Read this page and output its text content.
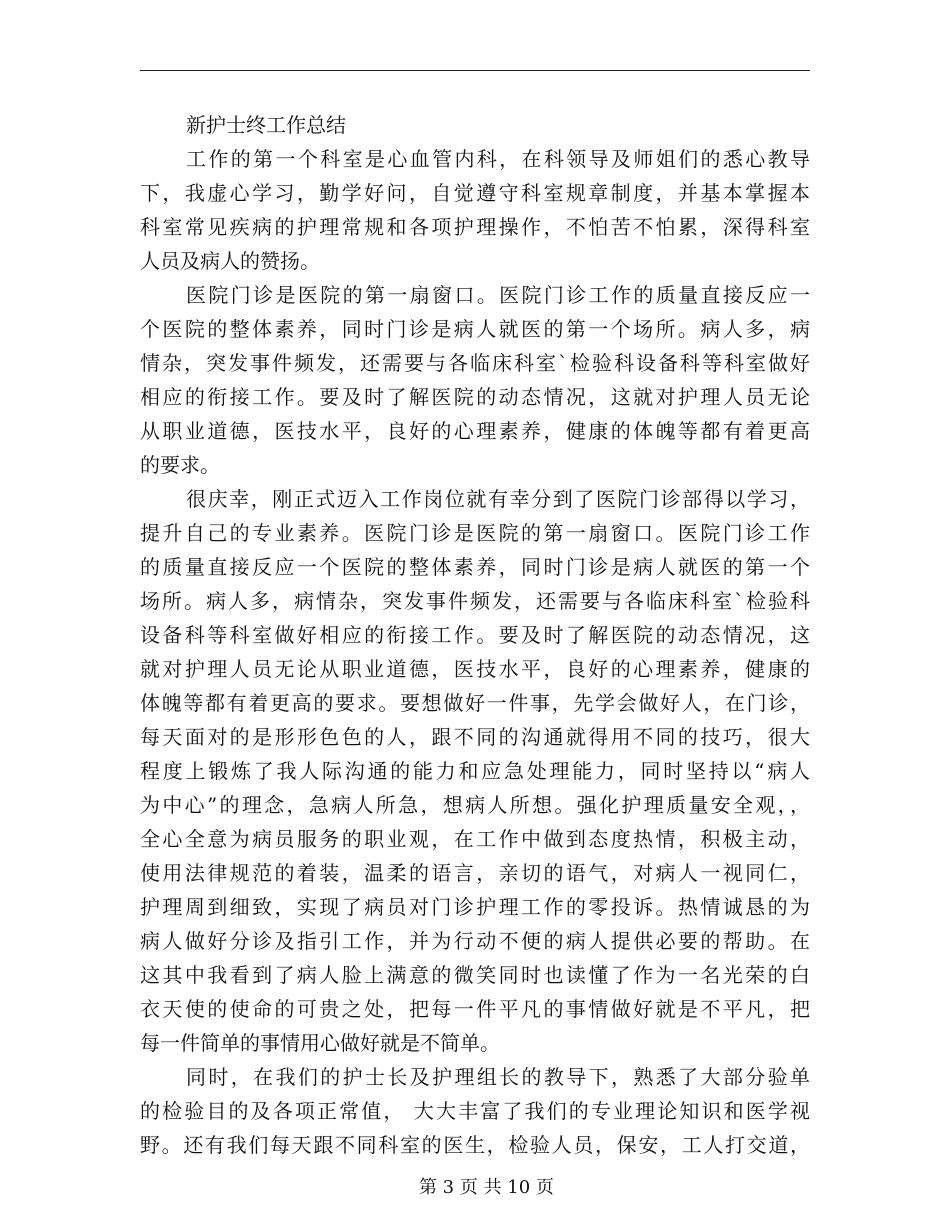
新护士终工作总结

工作的第一个科室是心血管内科，在科领导及师姐们的悉心教导
下，我虚心学习，勤学好问，自觉遵守科室规章制度，并基本掌握本
科室常见疾病的护理常规和各项护理操作，不怕苦不怕累，深得科室
人员及病人的赞扬。

医院门诊是医院的第一扇窗口。医院门诊工作的质量直接反应一
个医院的整体素养，同时门诊是病人就医的第一个场所。病人多，病
情杂，突发事件频发，还需要与各临床科室`检验科设备科等科室做好
相应的衔接工作。要及时了解医院的动态情况，这就对护理人员无论
从职业道德，医技水平，良好的心理素养，健康的体魄等都有着更高
的要求。

很庆幸，刚正式迈入工作岗位就有幸分到了医院门诊部得以学习，
提升自己的专业素养。医院门诊是医院的第一扇窗口。医院门诊工作
的质量直接反应一个医院的整体素养，同时门诊是病人就医的第一个
场所。病人多，病情杂，突发事件频发，还需要与各临床科室`检验科
设备科等科室做好相应的衔接工作。要及时了解医院的动态情况，这
就对护理人员无论从职业道德，医技水平，良好的心理素养，健康的
体魄等都有着更高的要求。要想做好一件事，先学会做好人，在门诊，
每天面对的是形形色色的人，跟不同的沟通就得用不同的技巧，很大
程度上锻炼了我人际沟通的能力和应急处理能力，同时坚持以“病人
为中心”的理念，急病人所急，想病人所想。强化护理质量安全观，，
全心全意为病员服务的职业观，在工作中做到态度热情，积极主动，
使用法律规范的着装，温柔的语言，亲切的语气，对病人一视同仁，
护理周到细致，实现了病员对门诊护理工作的零投诉。热情诚恳的为
病人做好分诊及指引工作，并为行动不便的病人提供必要的帮助。在
这其中我看到了病人脸上满意的微笑同时也读懂了作为一名光荣的白
衣天使的使命的可贵之处，把每一件平凡的事情做好就是不平凡，把
每一件简单的事情用心做好就是不简单。

同时，在我们的护士长及护理组长的教导下，熟悉了大部分验单
的检验目的及各项正常值， 大大丰富了我们的专业理论知识和医学视
野。还有我们每天跟不同科室的医生，检验人员，保安，工人打交道，

第 3 页 共 10 页
